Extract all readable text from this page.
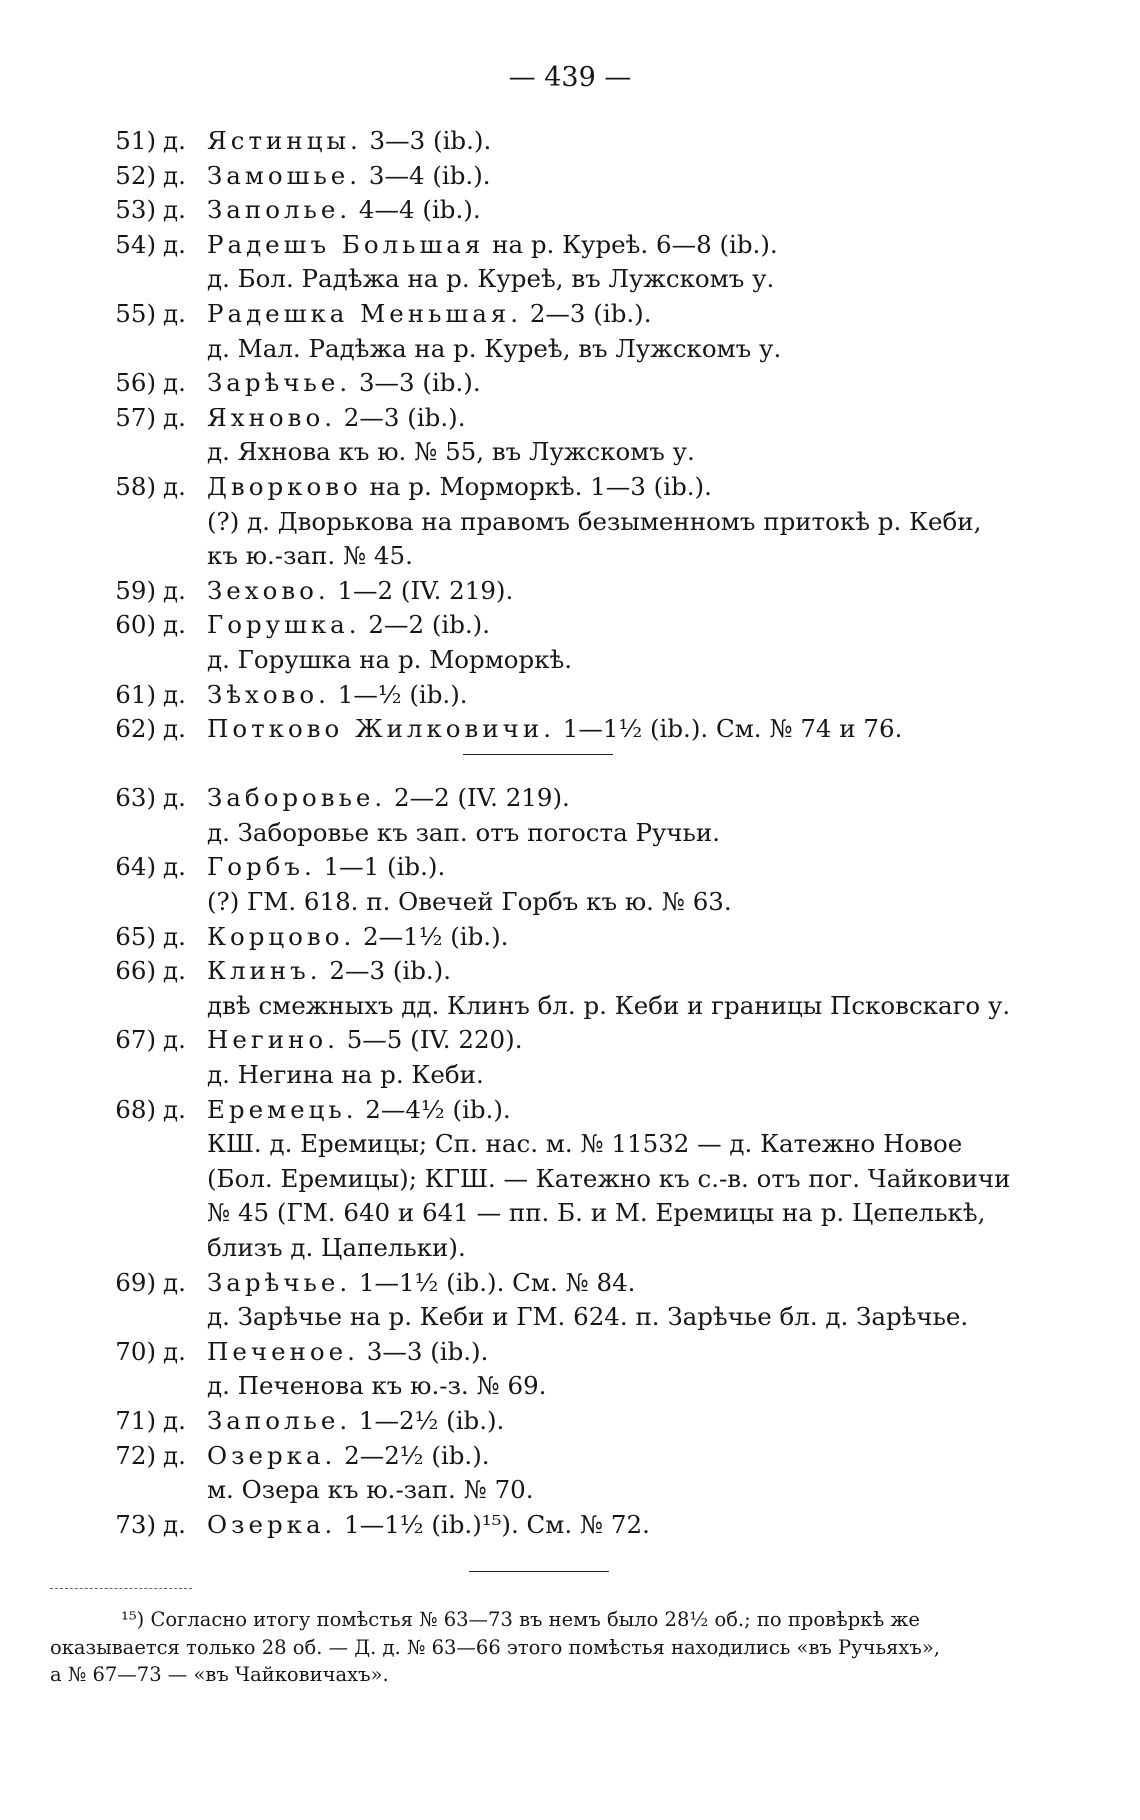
— 439 —
51) д. Ястинцы. 3—3 (ib.).
52) д. Замошье. 3—4 (ib.).
53) д. Заполье. 4—4 (ib.).
54) д. Радешъ Большая на р. Куреѣ. 6—8 (ib.).
д. Бол. Радѣжа на р. Куреѣ, въ Лужскомъ у.
55) д. Радешка Меньшая. 2—3 (ib.).
д. Мал. Радѣжа на р. Куреѣ, въ Лужскомъ у.
56) д. Зарѣчье. 3—3 (ib.).
57) д. Яхново. 2—3 (ib.).
д. Яхнова къ ю. № 55, въ Лужскомъ у.
58) д. Дворково на р. Морморкѣ. 1—3 (ib.).
(?) д. Дворькова на правомъ безыменномъ притокѣ р. Кеби,
къ ю.-зап. № 45.
59) д. Зехово. 1—2 (IV. 219).
60) д. Горушка. 2—2 (ib.).
д. Горушка на р. Морморкѣ.
61) д. Зѣхово. 1—½ (ib.).
62) д. Потково Жилковичи. 1—1½ (ib.). См. № 74 и 76.
63) д. Заборовье. 2—2 (IV. 219).
д. Заборовье къ зап. отъ погоста Ручьи.
64) д. Горбъ. 1—1 (ib.).
(?) ГМ. 618. п. Овечей Горбъ къ ю. № 63.
65) д. Корцово. 2—1½ (ib.).
66) д. Клинъ. 2—3 (ib.).
двѣ смежныхъ дд. Клинъ бл. р. Кеби и границы Псковскаго у.
67) д. Негино. 5—5 (IV. 220).
д. Негина на р. Кеби.
68) д. Еремець. 2—4½ (ib.).
КШ. д. Еремицы; Сп. нас. м. № 11532 — д. Катежно Новое
(Бол. Еремицы); КГШ. — Катежно къ с.-в. отъ пог. Чайковичи
№ 45 (ГМ. 640 и 641 — пп. Б. и М. Еремицы на р. Цепелькѣ,
близъ д. Цапельки).
69) д. Зарѣчье. 1—1½ (ib.). См. № 84.
д. Зарѣчье на р. Кеби и ГМ. 624. п. Зарѣчье бл. д. Зарѣчье.
70) д. Печеное. 3—3 (ib.).
д. Печенова къ ю.-з. № 69.
71) д. Заполье. 1—2½ (ib.).
72) д. Озерка. 2—2½ (ib.).
м. Озера къ ю.-зап. № 70.
73) д. Озерка. 1—1½ (ib.)¹⁵). См. № 72.
¹⁵) Согласно итогу помѣстья № 63—73 въ немъ было 28½ об.; по провѣркѣ же
оказывается только 28 об. — Д. д. № 63—66 этого помѣстья находились «въ Ручьяхъ»,
а № 67—73 — «въ Чайковичахъ».
